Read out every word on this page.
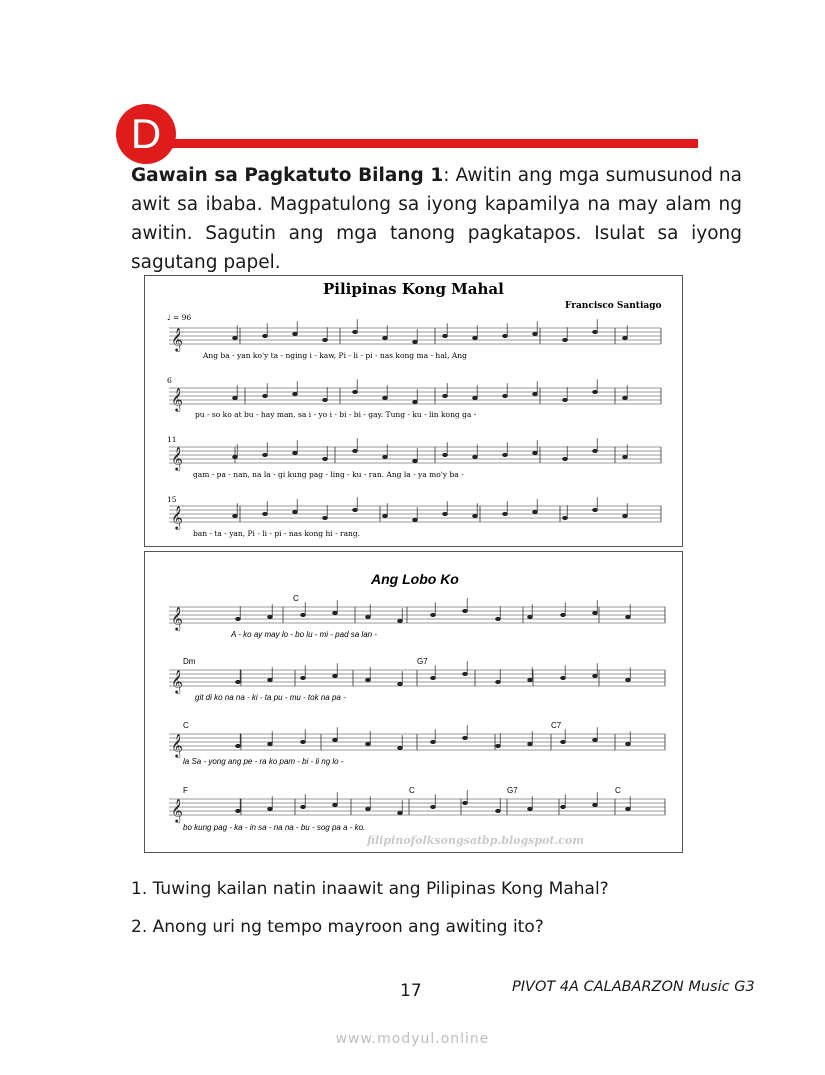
D
Gawain sa Pagkatuto Bilang 1: Awitin ang mga sumusunod na awit sa ibaba. Magpatulong sa iyong kapamilya na may alam ng awitin. Sagutin ang mga tanong pagkatapos. Isulat sa iyong sagutang papel.
Pilipinas Kong Mahal
Francisco Santiago
♩ = 96
𝄞
𝄞
𝄞
𝄞
Ang ba - yan ko'y ta - nging i - kaw, Pi - li - pi - nas kong ma - hal, Ang
pu - so ko at bu - hay man, sa i - yo i - bi - bi - gay. Tung - ku - lin kong ga -
gam - pa - nan, na la - gi kung pag - ling - ku - ran. Ang la - ya mo'y ba -
ban - ta - yan, Pi - li - pi - nas kong hi - rang.
6
11
15
Ang Lobo Ko
𝄞
𝄞
𝄞
𝄞
A - ko ay may lo - bo lu - mi - pad sa lan -
git di ko na na - ki - ta pu - mu - tok na pa -
la Sa - yong ang pe - ra ko pam - bi - li ng lo -
bo kung pag - ka - in sa - na na - bu - sog pa a - ko.
C
Dm	G7
C	C7
F	C	G7	C
filipinofolksongsatbp.blogspot.com
1. Tuwing kailan natin inaawit ang Pilipinas Kong Mahal?
2. Anong uri ng tempo mayroon ang awiting ito?
17	PIVOT 4A CALABARZON Music G3
www.modyul.online
